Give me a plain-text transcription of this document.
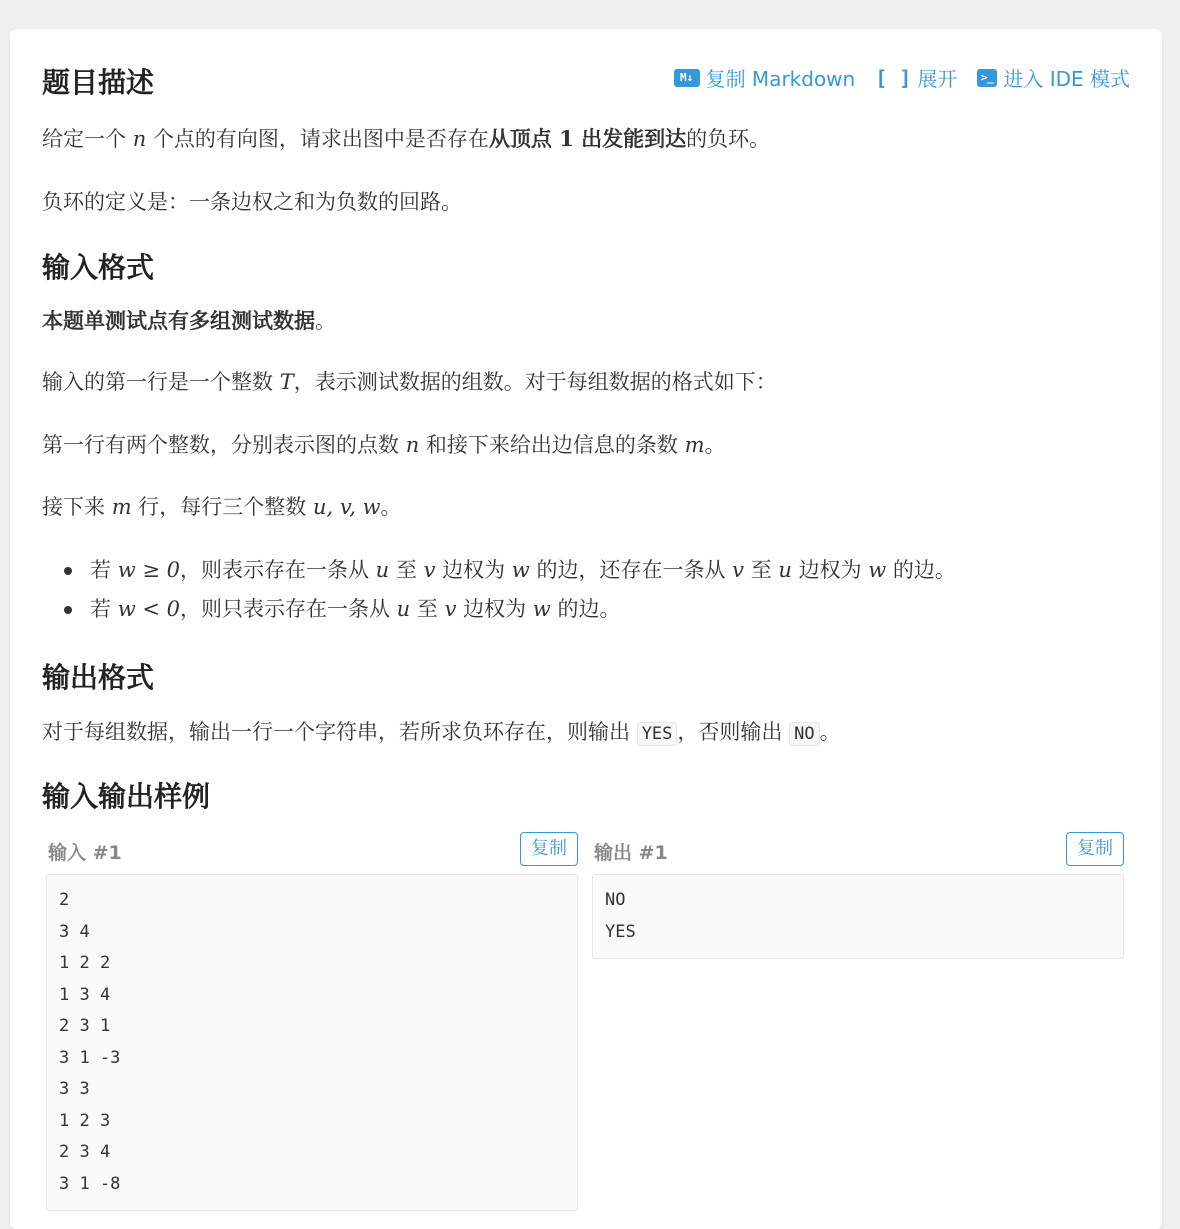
题目描述	M↓ 复制 Markdown [ ] 展开	>_ 进入 IDE 模式

给定一个 n 个点的有向图，请求出图中是否存在从顶点 1 出发能到达的负环。

负环的定义是：一条边权之和为负数的回路。

输入格式

本题单测试点有多组测试数据。

输入的第一行是一个整数 T，表示测试数据的组数。对于每组数据的格式如下：

第一行有两个整数，分别表示图的点数 n 和接下来给出边信息的条数 m。

接下来 m 行，每行三个整数 u, v, w。

若 w ≥ 0，则表示存在一条从 u 至 v 边权为 w 的边，还存在一条从 v 至 u 边权为 w 的边。
若 w < 0，则只表示存在一条从 u 至 v 边权为 w 的边。
输出格式

对于每组数据，输出一行一个字符串，若所求负环存在，则输出 YES ，否则输出 NO 。

输入输出样例
输入 #1	复制
2
3 4
1 2 2
1 3 4
2 3 1
3 1 -3
3 3
1 2 3
2 3 4
3 1 -8
输出 #1	复制
NO
YES
